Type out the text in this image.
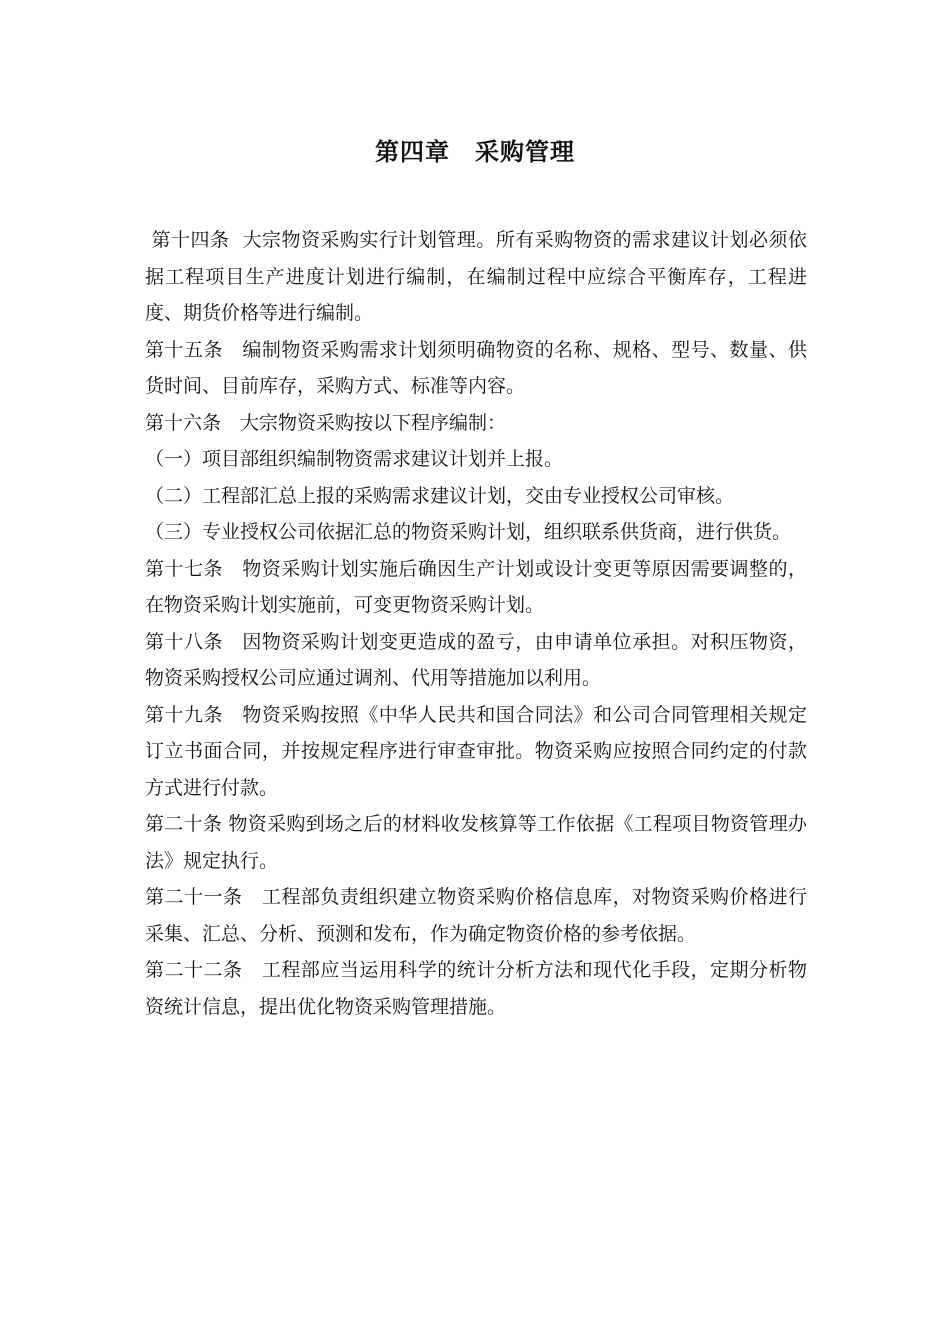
第四章　采购管理

第十四条  大宗物资采购实行计划管理。所有采购物资的需求建议计划必须依据工程项目生产进度计划进行编制，在编制过程中应综合平衡库存，工程进度、期货价格等进行编制。

第十五条　编制物资采购需求计划须明确物资的名称、规格、型号、数量、供货时间、目前库存，采购方式、标准等内容。

第十六条　大宗物资采购按以下程序编制：

（一）项目部组织编制物资需求建议计划并上报。

（二）工程部汇总上报的采购需求建议计划，交由专业授权公司审核。

（三）专业授权公司依据汇总的物资采购计划，组织联系供货商，进行供货。

第十七条　物资采购计划实施后确因生产计划或设计变更等原因需要调整的，在物资采购计划实施前，可变更物资采购计划。

第十八条　因物资采购计划变更造成的盈亏，由申请单位承担。对积压物资，物资采购授权公司应通过调剂、代用等措施加以利用。

第十九条　物资采购按照《中华人民共和国合同法》和公司合同管理相关规定订立书面合同，并按规定程序进行审查审批。物资采购应按照合同约定的付款方式进行付款。

第二十条 物资采购到场之后的材料收发核算等工作依据《工程项目物资管理办法》规定执行。

第二十一条　工程部负责组织建立物资采购价格信息库，对物资采购价格进行采集、汇总、分析、预测和发布，作为确定物资价格的参考依据。

第二十二条　工程部应当运用科学的统计分析方法和现代化手段，定期分析物资统计信息，提出优化物资采购管理措施。
